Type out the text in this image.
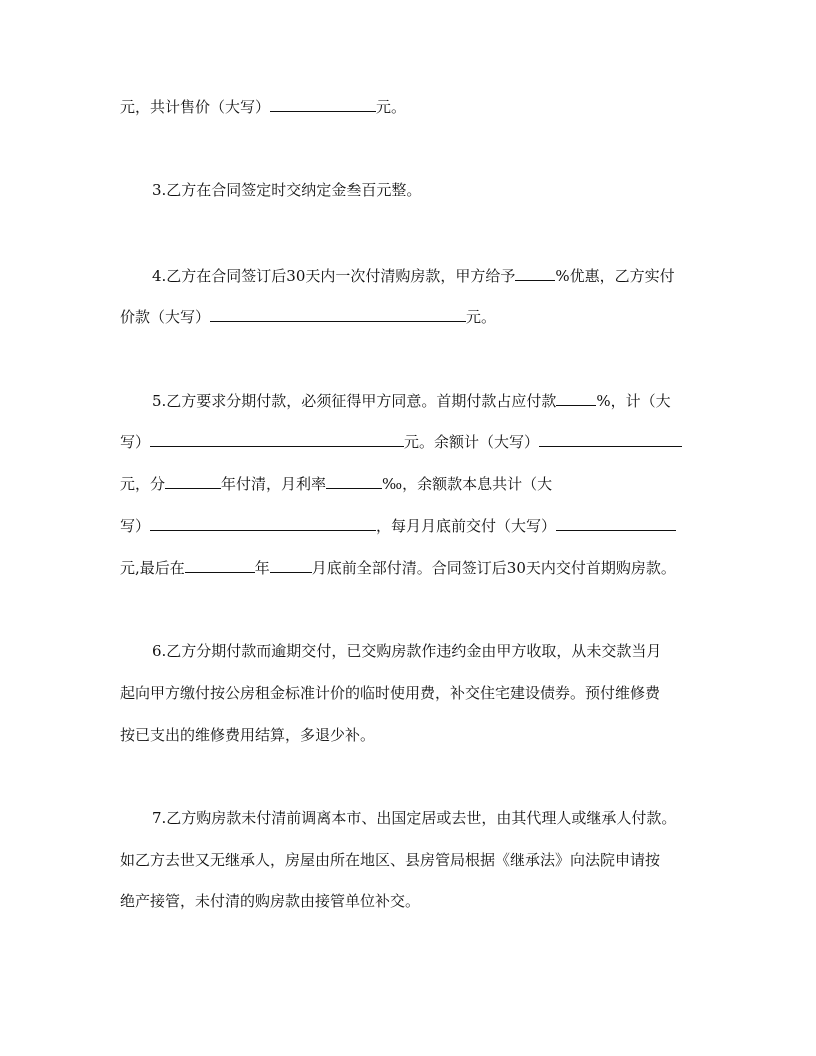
元，共计售价（大写）	元。
3.乙方在合同签定时交纳定金叁百元整。
4.乙方在合同签订后30天内一次付清购房款，甲方给予	%优惠，乙方实付
价款（大写）	元。
5.乙方要求分期付款，必须征得甲方同意。首期付款占应付款	%，计（大
写）	元。余额计（大写）
元，分	年付清，月利率	‰，余额款本息共计（大
写）	，每月月底前交付（大写）
元,最后在	年	月底前全部付清。合同签订后30天内交付首期购房款。
6.乙方分期付款而逾期交付，已交购房款作违约金由甲方收取，从未交款当月
起向甲方缴付按公房租金标准计价的临时使用费，补交住宅建设债券。预付维修费
按已支出的维修费用结算，多退少补。
7.乙方购房款未付清前调离本市、出国定居或去世，由其代理人或继承人付款。
如乙方去世又无继承人，房屋由所在地区、县房管局根据《继承法》向法院申请按
绝产接管，未付清的购房款由接管单位补交。
